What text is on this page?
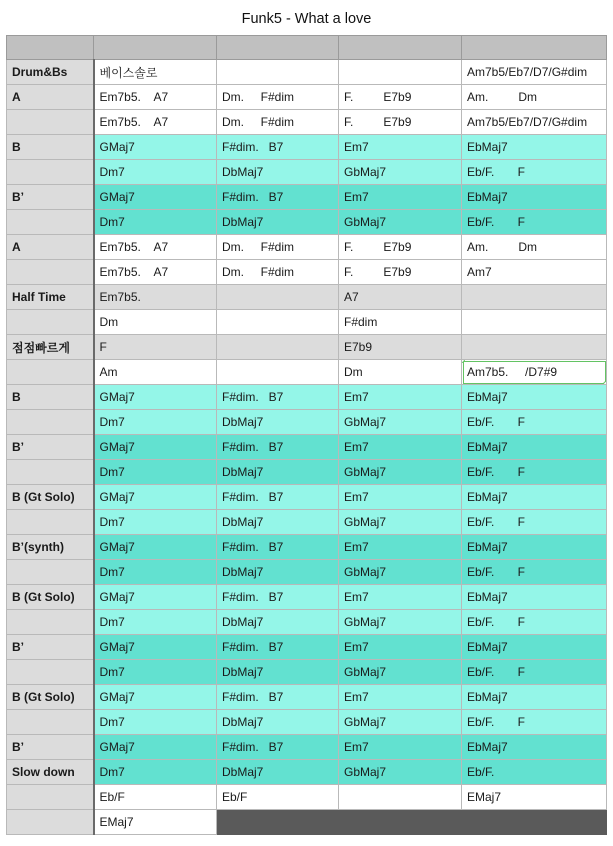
Funk5 - What a love

Drum&Bs	베이스솔로			Am7b5/Eb7/D7/G#dim
A	Em7b5.    A7	Dm.     F#dim	F.         E7b9	Am.         Dm
	Em7b5.    A7	Dm.     F#dim	F.         E7b9	Am7b5/Eb7/D7/G#dim
B	GMaj7	F#dim.   B7	Em7	EbMaj7
	Dm7	DbMaj7	GbMaj7	Eb/F.       F
B’	GMaj7	F#dim.   B7	Em7	EbMaj7
	Dm7	DbMaj7	GbMaj7	Eb/F.       F
A	Em7b5.    A7	Dm.     F#dim	F.         E7b9	Am.         Dm
	Em7b5.    A7	Dm.     F#dim	F.         E7b9	Am7
Half Time	Em7b5.		A7	
	Dm		F#dim	
점점빠르게	F		E7b9	
	Am		Dm	Am7b5.     /D7#9

B	GMaj7	F#dim.   B7	Em7	EbMaj7
	Dm7	DbMaj7	GbMaj7	Eb/F.       F
B’	GMaj7	F#dim.   B7	Em7	EbMaj7
	Dm7	DbMaj7	GbMaj7	Eb/F.       F
B (Gt Solo)	GMaj7	F#dim.   B7	Em7	EbMaj7
	Dm7	DbMaj7	GbMaj7	Eb/F.       F
B’(synth)	GMaj7	F#dim.   B7	Em7	EbMaj7
	Dm7	DbMaj7	GbMaj7	Eb/F.       F
B (Gt Solo)	GMaj7	F#dim.   B7	Em7	EbMaj7
	Dm7	DbMaj7	GbMaj7	Eb/F.       F
B’	GMaj7	F#dim.   B7	Em7	EbMaj7
	Dm7	DbMaj7	GbMaj7	Eb/F.       F
B (Gt Solo)	GMaj7	F#dim.   B7	Em7	EbMaj7
	Dm7	DbMaj7	GbMaj7	Eb/F.       F
B’	GMaj7	F#dim.   B7	Em7	EbMaj7
Slow down	Dm7	DbMaj7	GbMaj7	Eb/F.
	Eb/F	Eb/F		EMaj7
	EMaj7			
